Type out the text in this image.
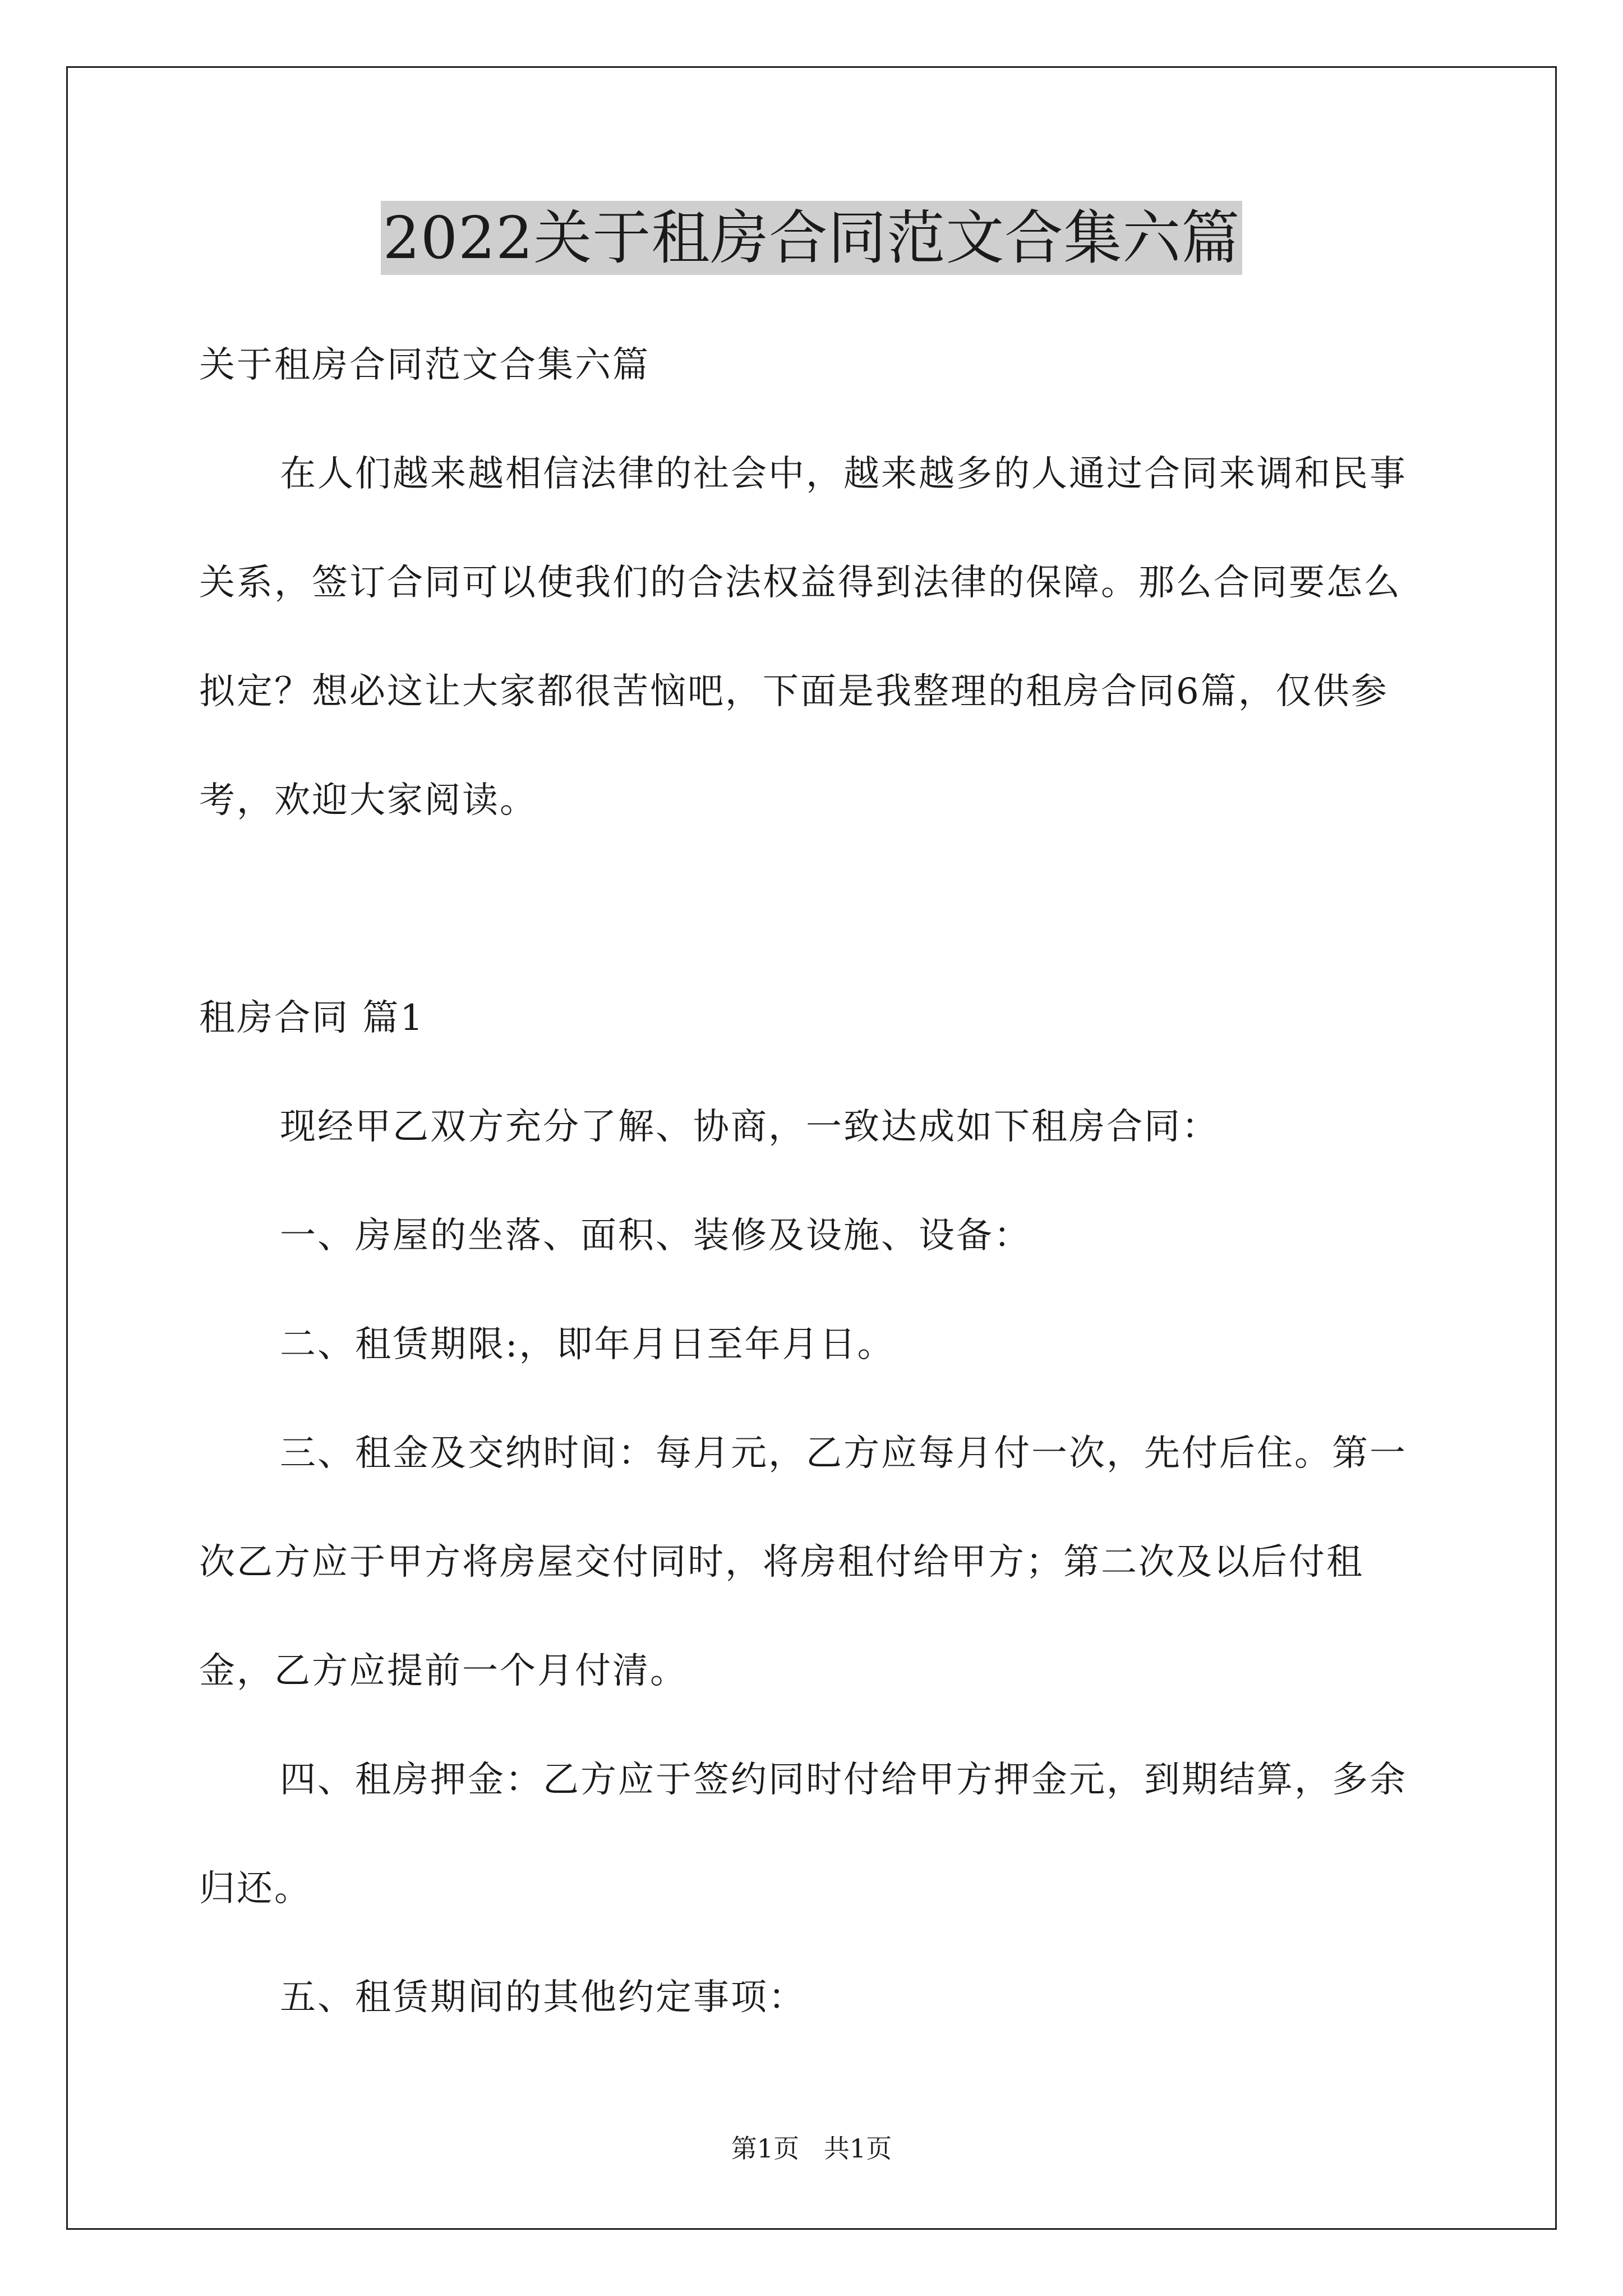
2022关于租房合同范文合集六篇

关于租房合同范文合集六篇

在人们越来越相信法律的社会中，越来越多的人通过合同来调和民事关系，签订合同可以使我们的合法权益得到法律的保障。那么合同要怎么拟定？想必这让大家都很苦恼吧，下面是我整理的租房合同6篇，仅供参考，欢迎大家阅读。

租房合同 篇1

现经甲乙双方充分了解、协商，一致达成如下租房合同：

一、房屋的坐落、面积、装修及设施、设备：

二、租赁期限:，即年月日至年月日。

三、租金及交纳时间：每月元，乙方应每月付一次，先付后住。第一次乙方应于甲方将房屋交付同时，将房租付给甲方；第二次及以后付租金，乙方应提前一个月付清。

四、租房押金：乙方应于签约同时付给甲方押金元，到期结算，多余归还。

五、租赁期间的其他约定事项：

第1页   共1页
